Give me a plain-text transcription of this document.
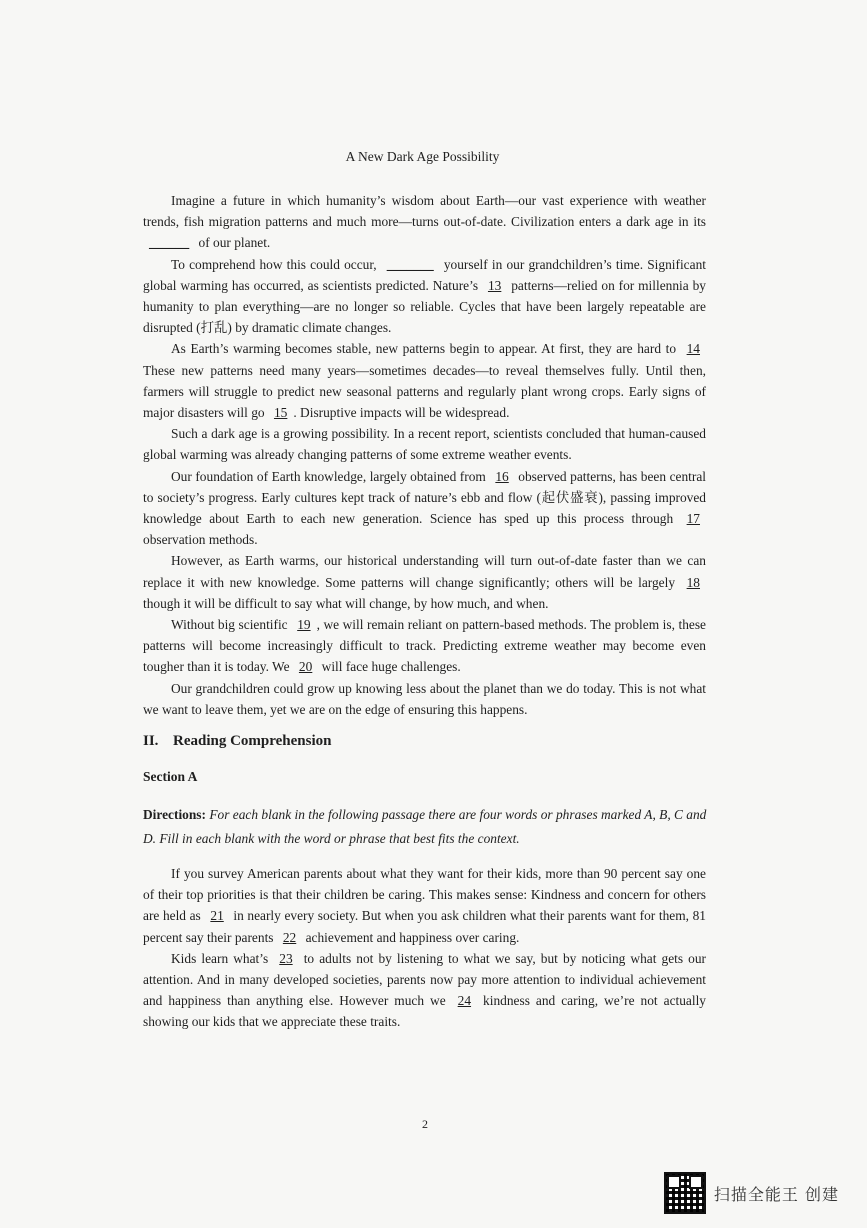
A New Dark Age Possibility

Imagine a future in which humanity’s wisdom about Earth—our vast experience with weather trends, fish migration patterns and much more—turns out-of-date. Civilization enters a dark age in its ______ of our planet.

To comprehend how this could occur, _______ yourself in our grandchildren’s time. Significant global warming has occurred, as scientists predicted. Nature’s 13 patterns—relied on for millennia by humanity to plan everything—are no longer so reliable. Cycles that have been largely repeatable are disrupted (打乱) by dramatic climate changes.

As Earth’s warming becomes stable, new patterns begin to appear. At first, they are hard to 14 These new patterns need many years—sometimes decades—to reveal themselves fully. Until then, farmers will struggle to predict new seasonal patterns and regularly plant wrong crops. Early signs of major disasters will go 15 . Disruptive impacts will be widespread.

Such a dark age is a growing possibility. In a recent report, scientists concluded that human-caused global warming was already changing patterns of some extreme weather events.

Our foundation of Earth knowledge, largely obtained from 16 observed patterns, has been central to society’s progress. Early cultures kept track of nature’s ebb and flow (起伏盛衰), passing improved knowledge about Earth to each new generation. Science has sped up this process through 17 observation methods.

However, as Earth warms, our historical understanding will turn out-of-date faster than we can replace it with new knowledge. Some patterns will change significantly; others will be largely 18 though it will be difficult to say what will change, by how much, and when.

Without big scientific 19 , we will remain reliant on pattern-based methods. The problem is, these patterns will become increasingly difficult to track. Predicting extreme weather may become even tougher than it is today. We 20 will face huge challenges.

Our grandchildren could grow up knowing less about the planet than we do today. This is not what we want to leave them, yet we are on the edge of ensuring this happens.

II. Reading Comprehension
Section A
Directions: For each blank in the following passage there are four words or phrases marked A, B, C and D. Fill in each blank with the word or phrase that best fits the context.

If you survey American parents about what they want for their kids, more than 90 percent say one of their top priorities is that their children be caring. This makes sense: Kindness and concern for others are held as 21 in nearly every society. But when you ask children what their parents want for them, 81 percent say their parents 22 achievement and happiness over caring.

Kids learn what’s 23 to adults not by listening to what we say, but by noticing what gets our attention. And in many developed societies, parents now pay more attention to individual achievement and happiness than anything else. However much we 24 kindness and caring, we’re not actually showing our kids that we appreciate these traits.

2
扫描全能王 创建
